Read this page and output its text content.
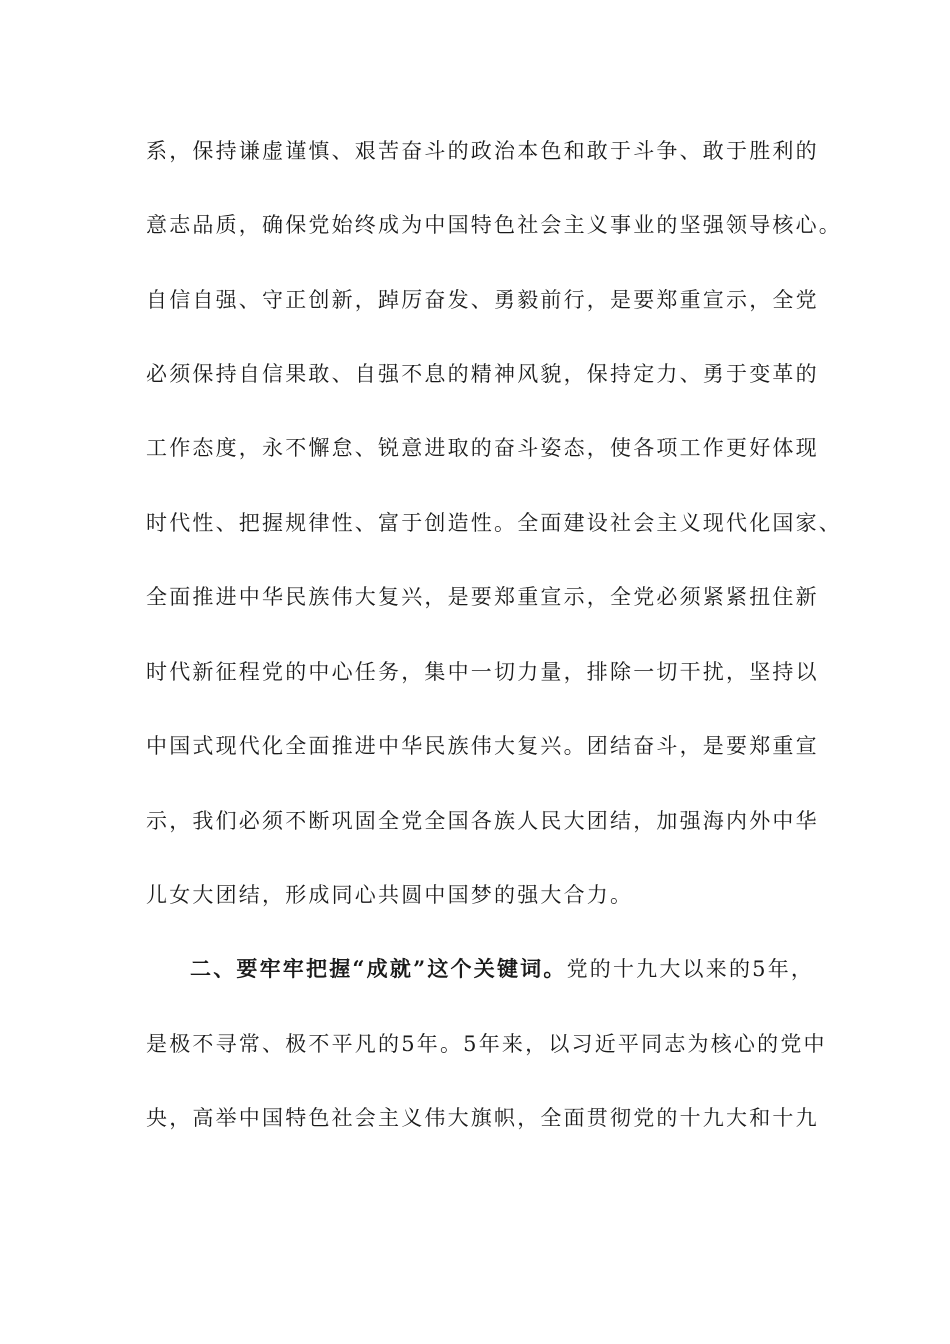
系，保持谦虚谨慎、艰苦奋斗的政治本色和敢于斗争、敢于胜利的
意志品质，确保党始终成为中国特色社会主义事业的坚强领导核心。
自信自强、守正创新，踔厉奋发、勇毅前行，是要郑重宣示，全党
必须保持自信果敢、自强不息的精神风貌，保持定力、勇于变革的
工作态度，永不懈怠、锐意进取的奋斗姿态，使各项工作更好体现
时代性、把握规律性、富于创造性。全面建设社会主义现代化国家、
全面推进中华民族伟大复兴，是要郑重宣示，全党必须紧紧扭住新
时代新征程党的中心任务，集中一切力量，排除一切干扰，坚持以
中国式现代化全面推进中华民族伟大复兴。团结奋斗，是要郑重宣
示，我们必须不断巩固全党全国各族人民大团结，加强海内外中华
儿女大团结，形成同心共圆中国梦的强大合力。
二、要牢牢把握“成就”这个关键词。党的十九大以来的5年，
是极不寻常、极不平凡的5年。5年来，以习近平同志为核心的党中
央，高举中国特色社会主义伟大旗帜，全面贯彻党的十九大和十九
